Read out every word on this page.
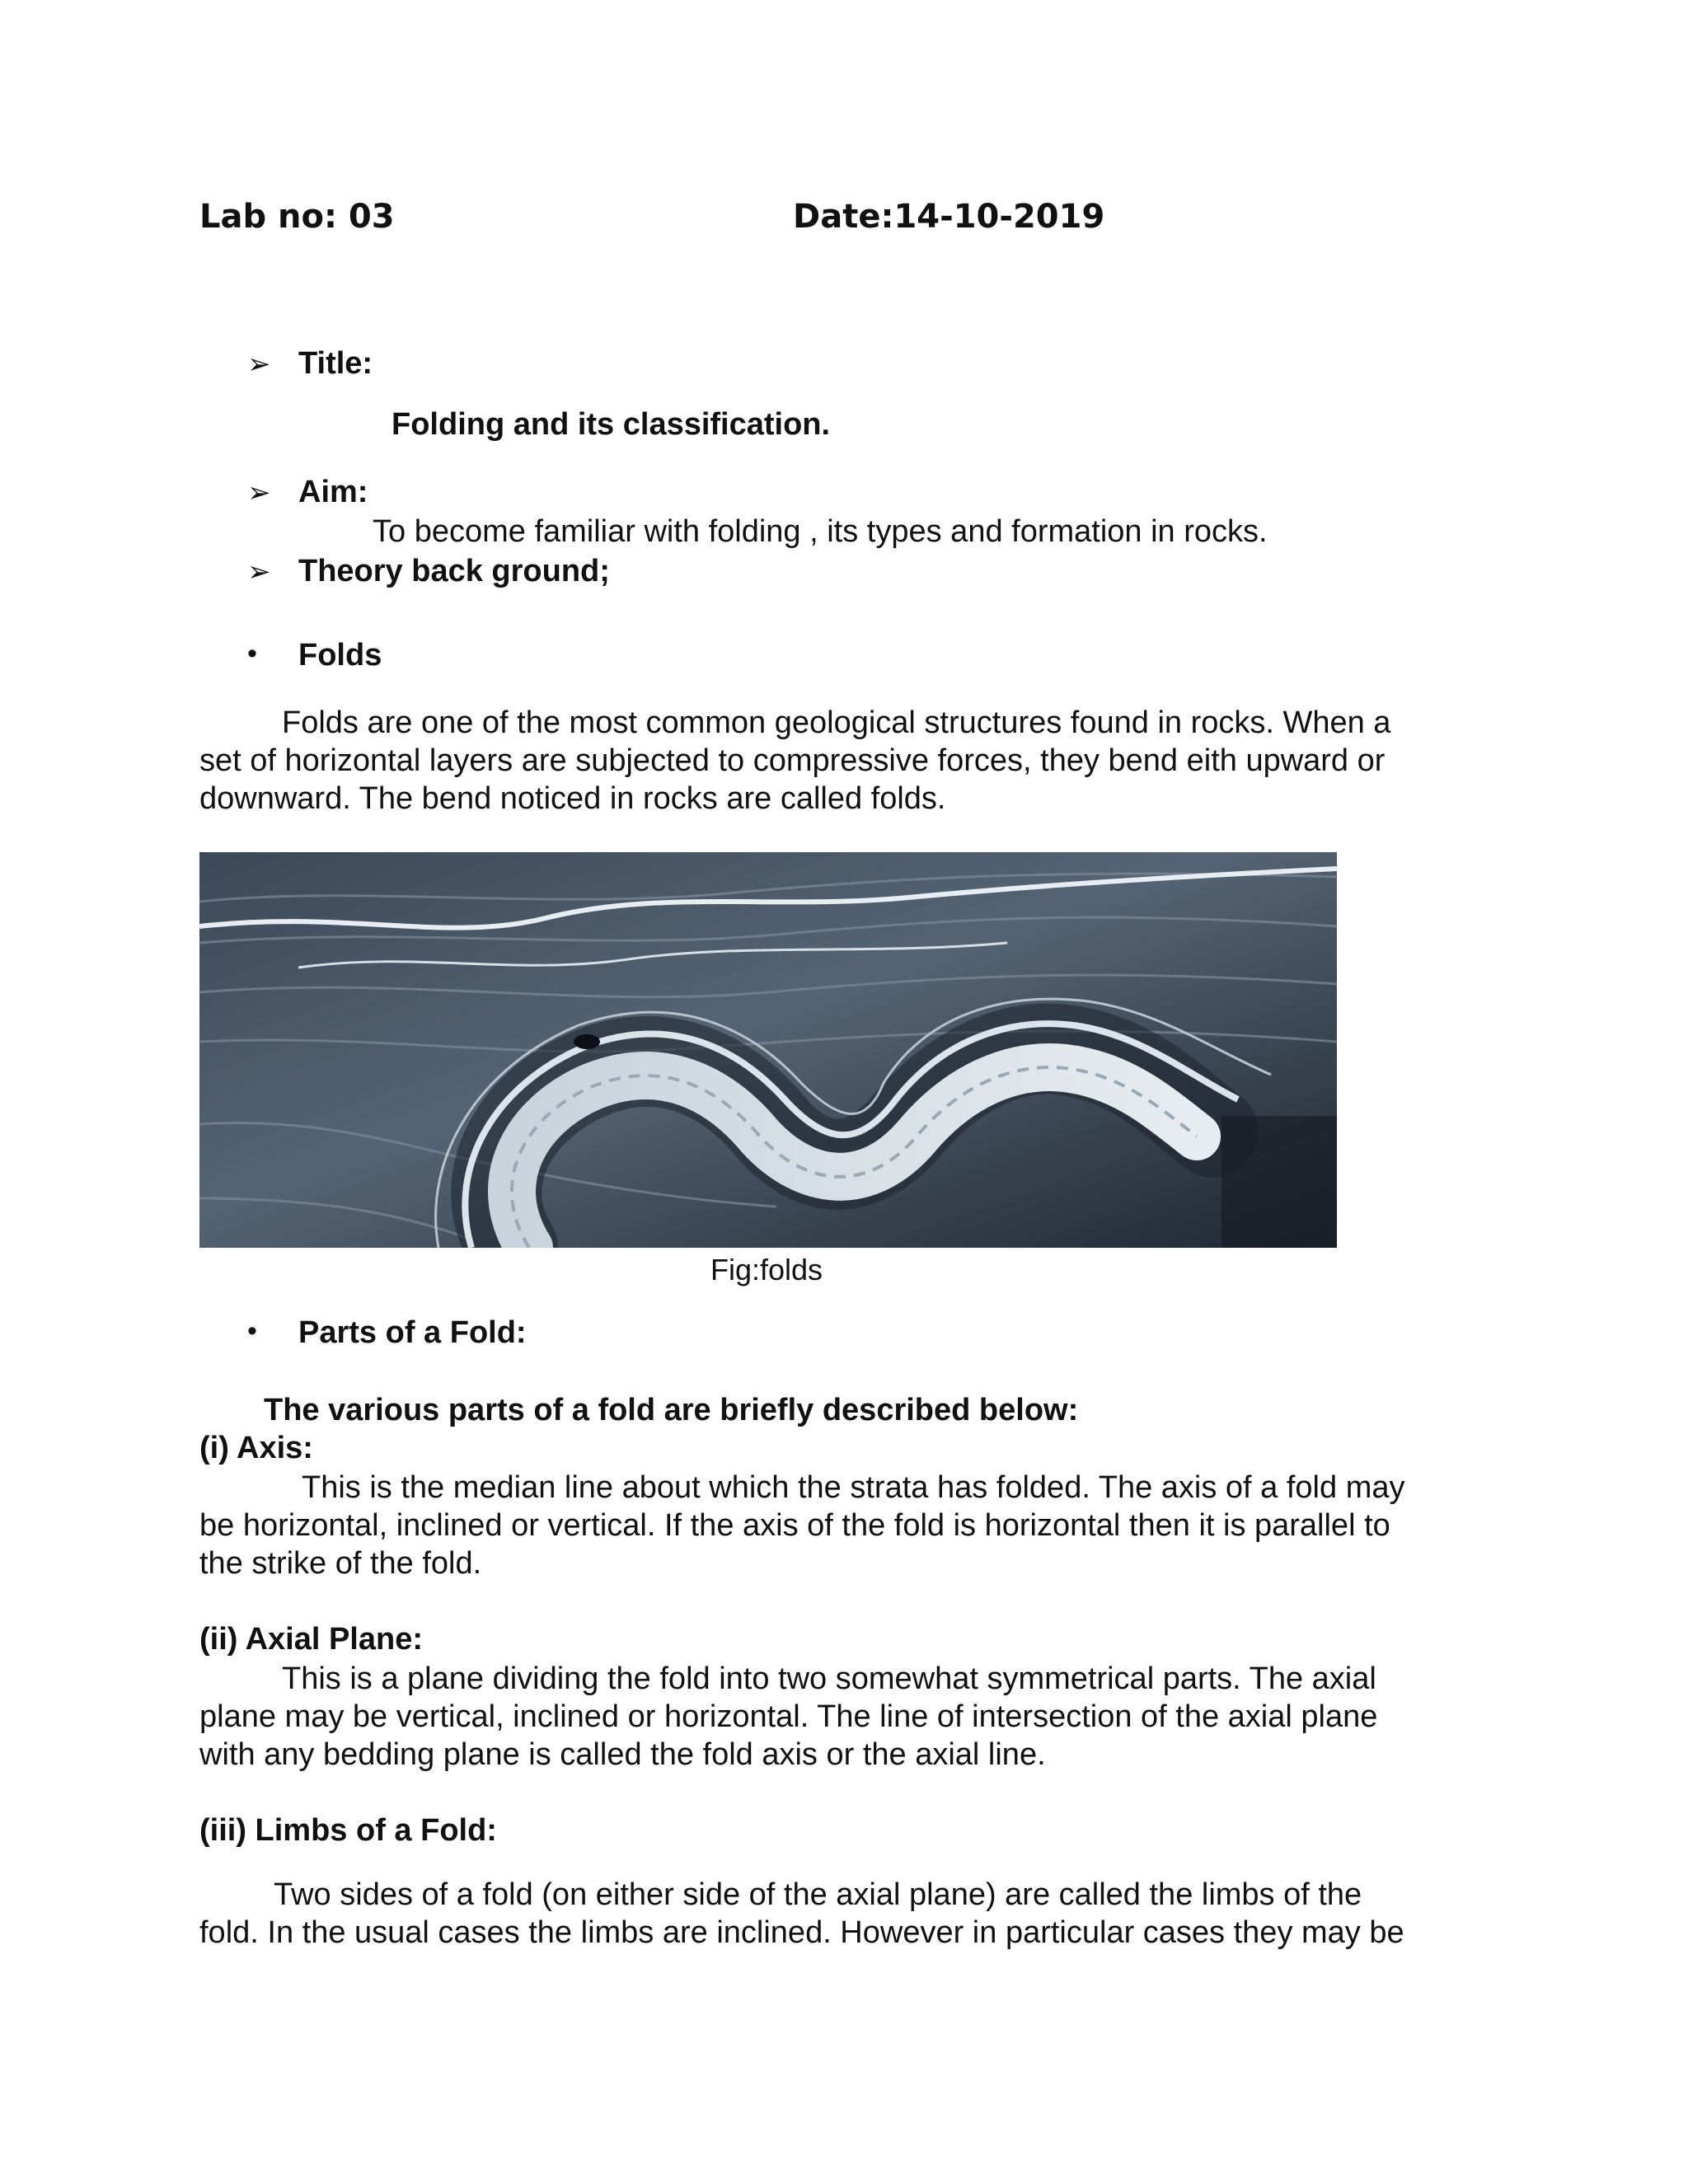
Lab no: 03	Date:14-10-2019
➢ Title:
Folding and its classification.
➢ Aim:
To become familiar with folding , its types and formation in rocks.
➢ Theory back ground;
• Folds
Folds are one of the most common geological structures found in rocks. When a
set of horizontal layers are subjected to compressive forces, they bend eith upward or
downward. The bend noticed in rocks are called folds.
Fig:folds
• Parts of a Fold:
The various parts of a fold are briefly described below:
(i) Axis:
This is the median line about which the strata has folded. The axis of a fold may
be horizontal, inclined or vertical. If the axis of the fold is horizontal then it is parallel to
the strike of the fold.
(ii) Axial Plane:
This is a plane dividing the fold into two somewhat symmetrical parts. The axial
plane may be vertical, inclined or horizontal. The line of intersection of the axial plane
with any bedding plane is called the fold axis or the axial line.
(iii) Limbs of a Fold:
Two sides of a fold (on either side of the axial plane) are called the limbs of the
fold. In the usual cases the limbs are inclined. However in particular cases they may be
